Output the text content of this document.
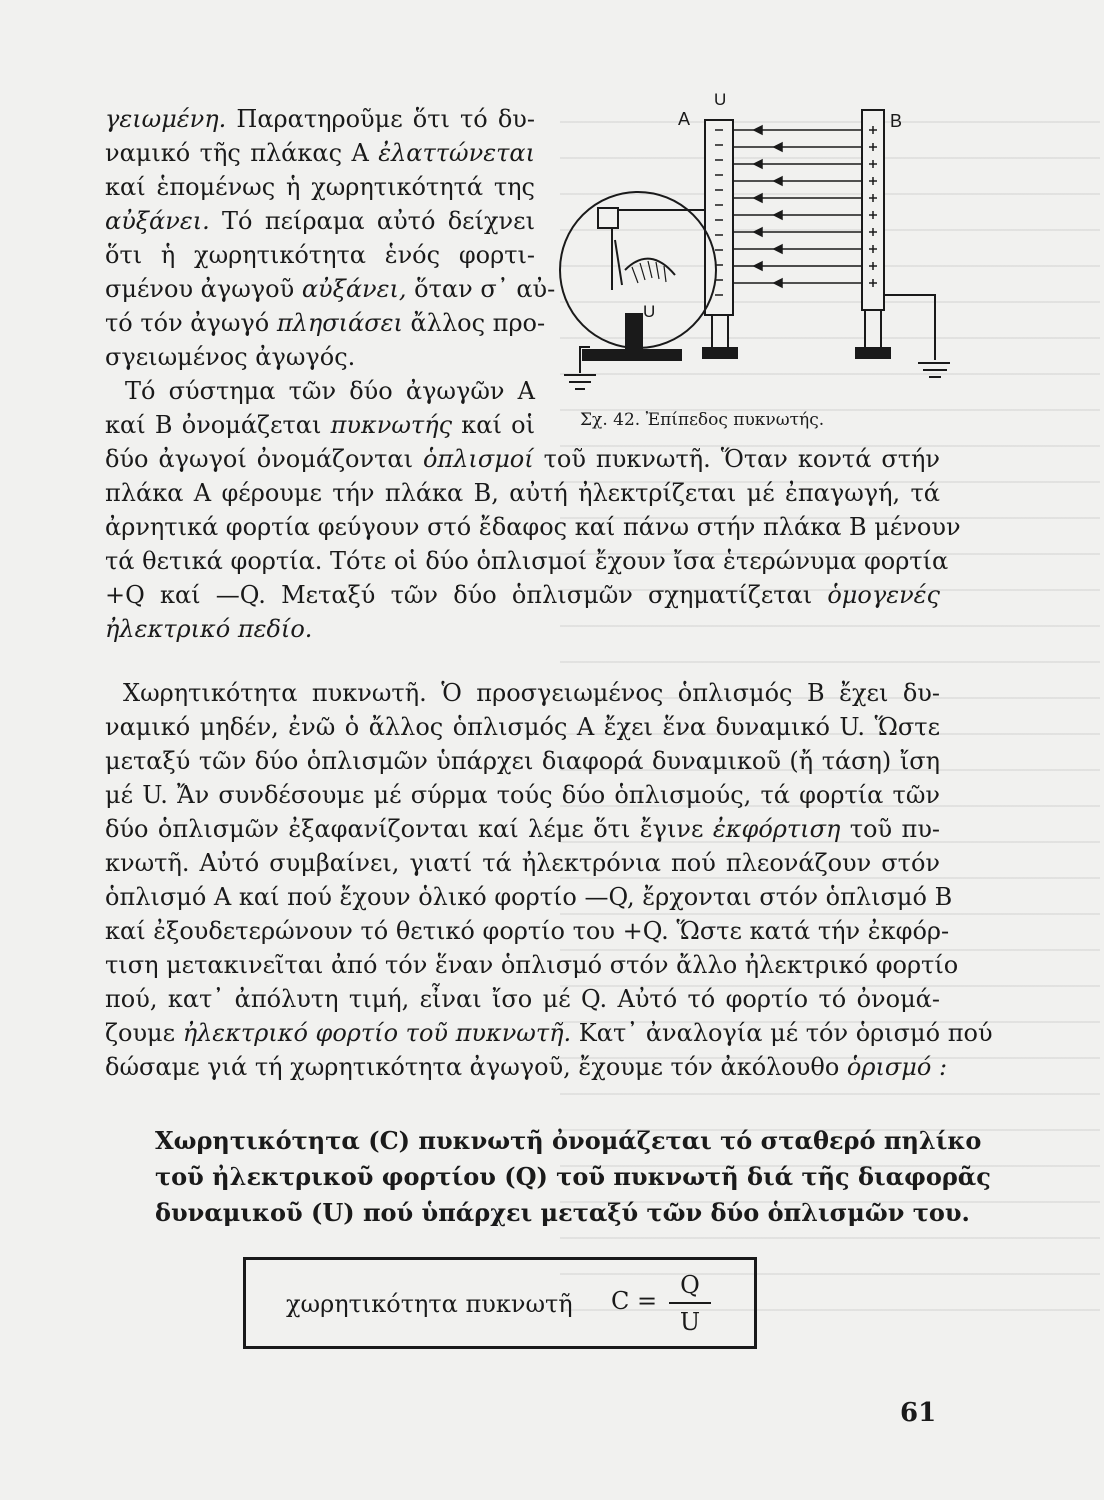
γειωμένη. Παρατηροῦμε ὅτι τό δυ-
ναμικό τῆς πλάκας Α ἐλαττώνεται
καί ἑπομένως ἡ χωρητικότητά της
αὐξάνει. Τό πείραμα αὐτό δείχνει
ὅτι ἡ χωρητικότητα ἑνός φορτι-
σμένου ἀγωγοῦ αὐξάνει, ὅταν σ᾽ αὐ-
τό τόν ἀγωγό πλησιάσει ἄλλος προ-
σγειωμένος ἀγωγός.
Τό σύστημα τῶν δύο ἀγωγῶν Α
καί Β ὀνομάζεται πυκνωτής καί οἱ
A	B
U
U
Σχ. 42. Ἐπίπεδος πυκνωτής.
δύο ἀγωγοί ὀνομάζονται ὁπλισμοί τοῦ πυκνωτῆ. Ὅταν κοντά στήν
πλάκα Α φέρουμε τήν πλάκα Β, αὐτή ἠλεκτρίζεται μέ ἐπαγωγή, τά
ἀρνητικά φορτία φεύγουν στό ἔδαφος καί πάνω στήν πλάκα Β μένουν
τά θετικά φορτία. Τότε οἱ δύο ὁπλισμοί ἔχουν ἴσα ἑτερώνυμα φορτία
+Q καί —Q. Μεταξύ τῶν δύο ὁπλισμῶν σχηματίζεται ὁμογενές
ἠλεκτρικό πεδίο.
Χωρητικότητα πυκνωτῆ. Ὁ προσγειωμένος ὁπλισμός Β ἔχει δυ-
ναμικό μηδέν, ἐνῶ ὁ ἄλλος ὁπλισμός Α ἔχει ἕνα δυναμικό U. Ὥστε
μεταξύ τῶν δύο ὁπλισμῶν ὑπάρχει διαφορά δυναμικοῦ (ἤ τάση) ἴση
μέ U. Ἄν συνδέσουμε μέ σύρμα τούς δύο ὁπλισμούς, τά φορτία τῶν
δύο ὁπλισμῶν ἐξαφανίζονται καί λέμε ὅτι ἔγινε ἐκφόρτιση τοῦ πυ-
κνωτῆ. Αὐτό συμβαίνει, γιατί τά ἠλεκτρόνια πού πλεονάζουν στόν
ὁπλισμό Α καί πού ἔχουν ὁλικό φορτίο —Q, ἔρχονται στόν ὁπλισμό Β
καί ἐξουδετερώνουν τό θετικό φορτίο του +Q. Ὥστε κατά τήν ἐκφόρ-
τιση μετακινεῖται ἀπό τόν ἕναν ὁπλισμό στόν ἄλλο ἠλεκτρικό φορτίο
πού, κατ᾽ ἀπόλυτη τιμή, εἶναι ἴσο μέ Q. Αὐτό τό φορτίο τό ὀνομά-
ζουμε ἠλεκτρικό φορτίο τοῦ πυκνωτῆ. Κατ᾽ ἀναλογία μέ τόν ὁρισμό πού
δώσαμε γιά τή χωρητικότητα ἀγωγοῦ, ἔχουμε τόν ἀκόλουθο ὁρισμό :
Χωρητικότητα (C) πυκνωτῆ ὀνομάζεται τό σταθερό πηλίκο
τοῦ ἠλεκτρικοῦ φορτίου (Q) τοῦ πυκνωτῆ διά τῆς διαφορᾶς
δυναμικοῦ (U) πού ὑπάρχει μεταξύ τῶν δύο ὁπλισμῶν του.
χωρητικότητα πυκνωτῆ C =
Q
U
61
